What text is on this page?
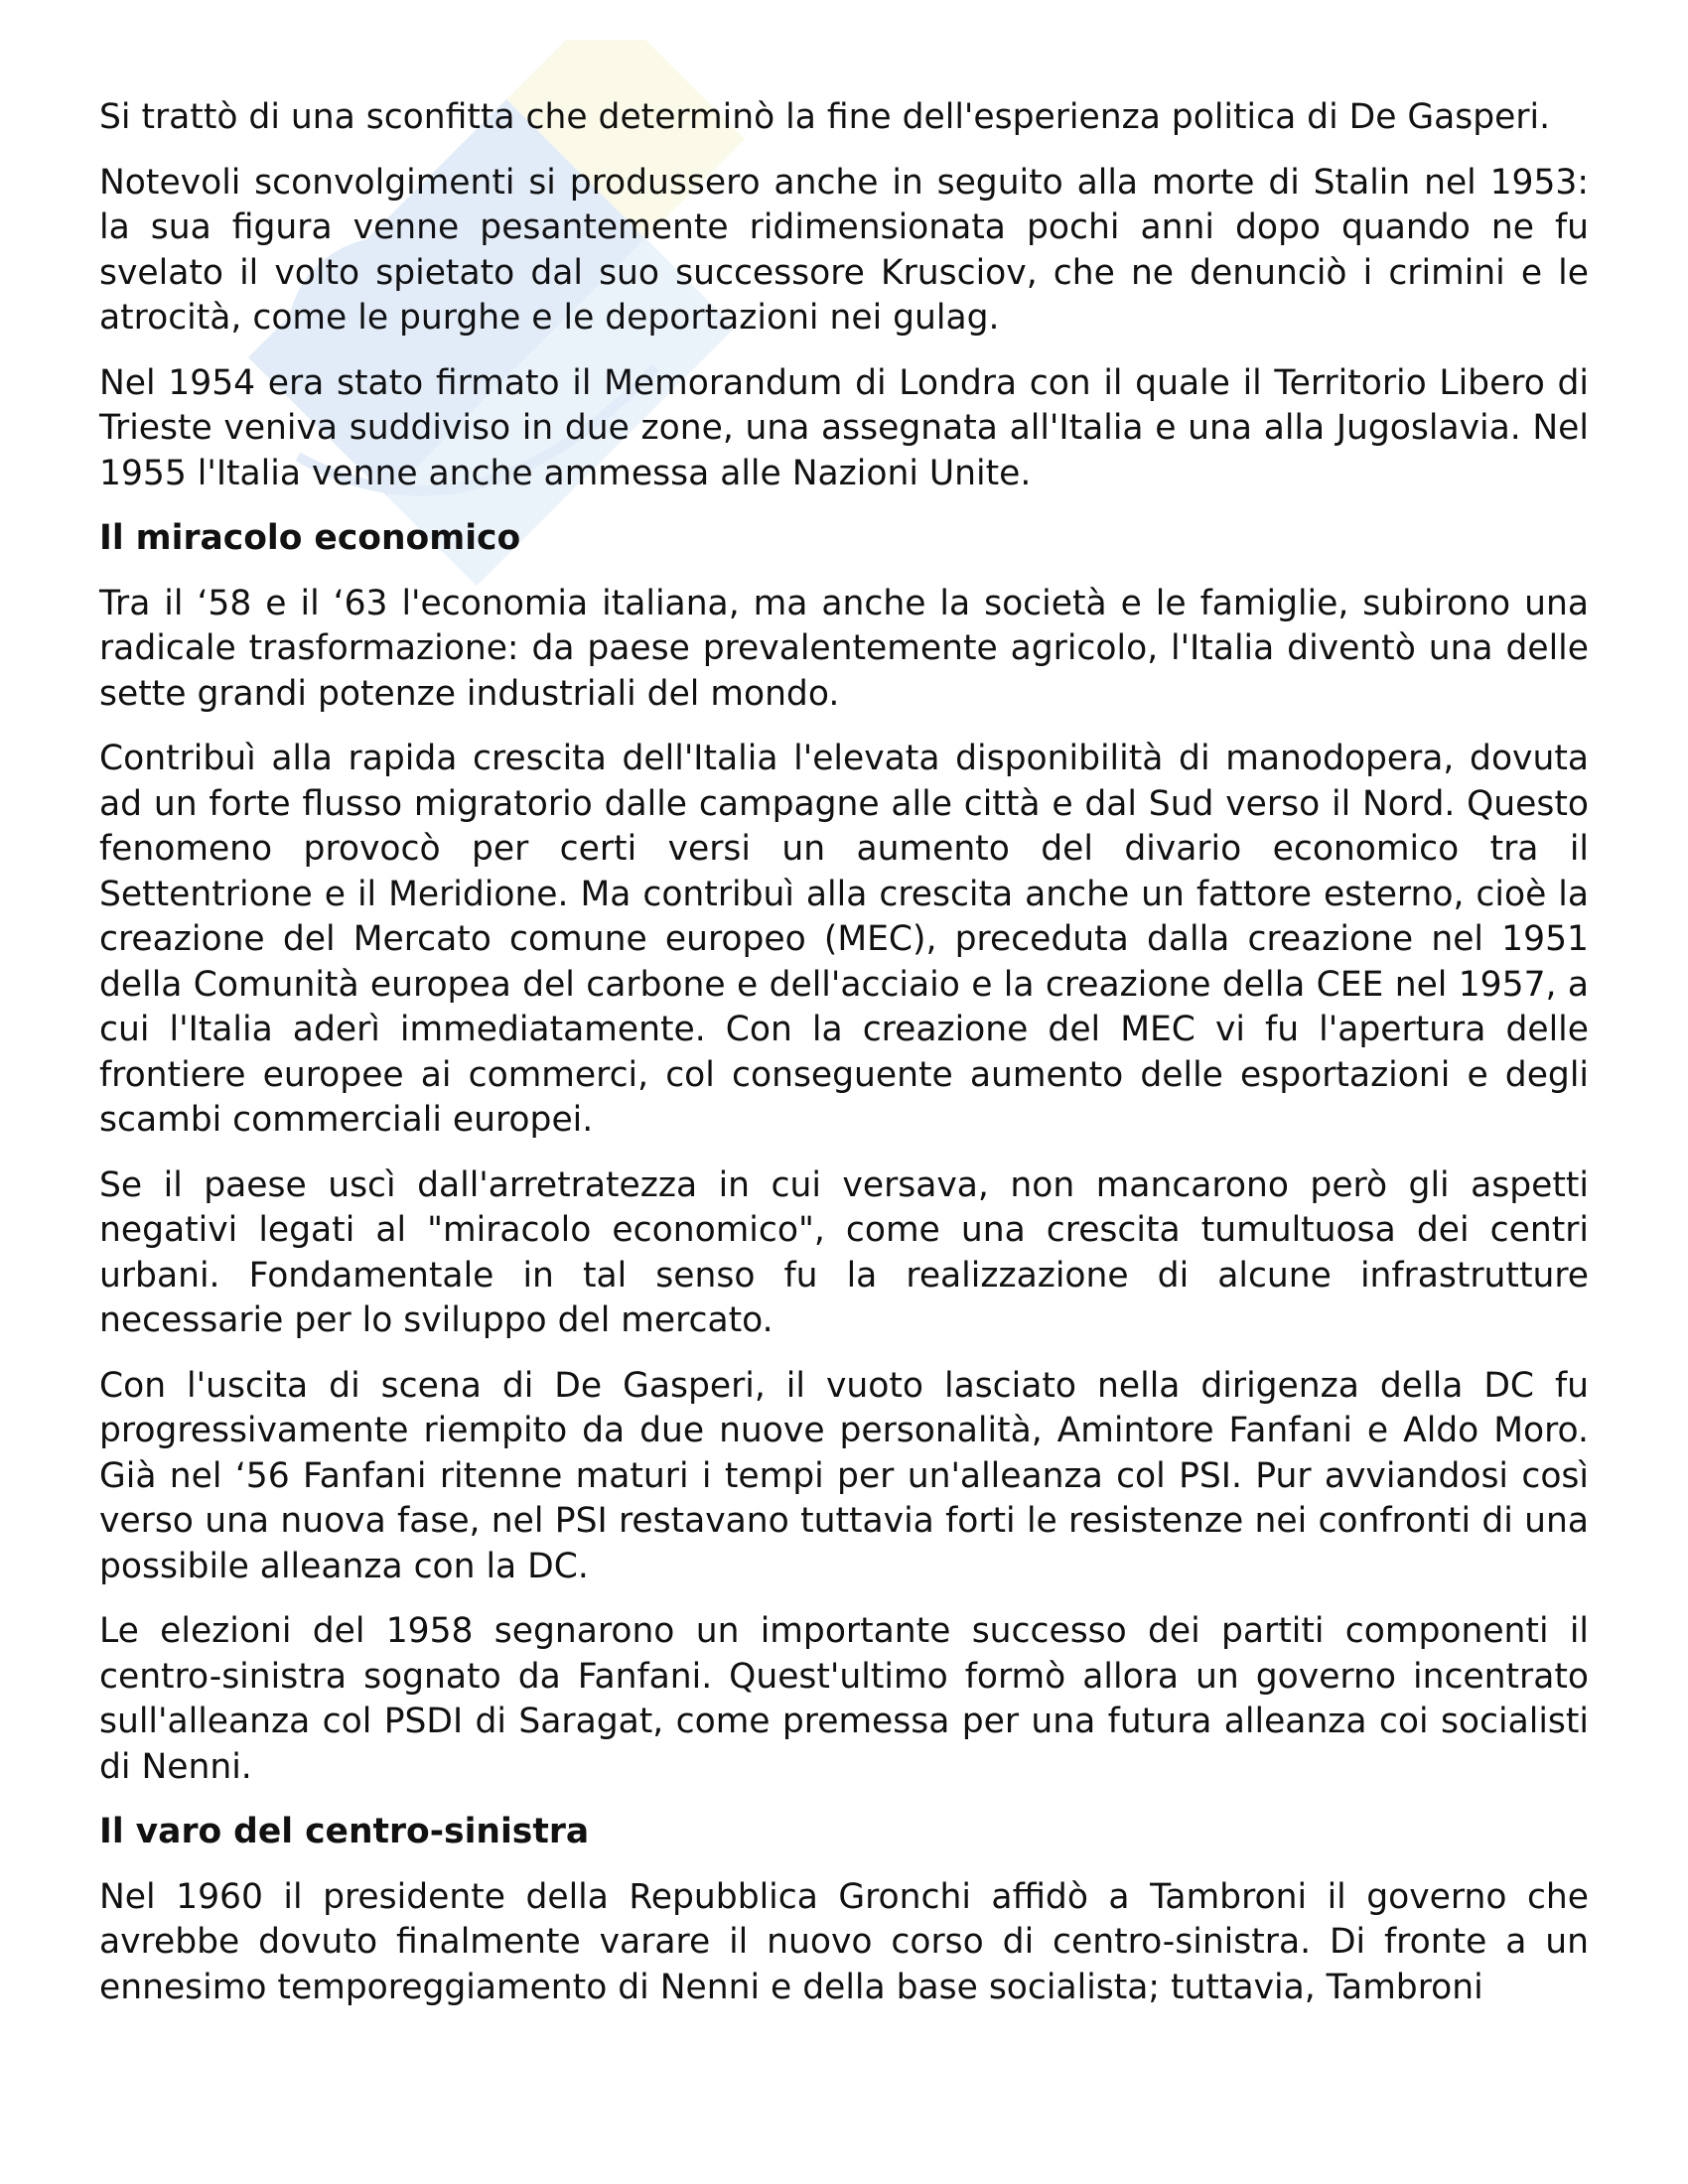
Si trattò di una sconfitta che determinò la fine dell'esperienza politica di De Gasperi.

Notevoli sconvolgimenti si produssero anche in seguito alla morte di Stalin nel 1953: la sua figura venne pesantemente ridimensionata pochi anni dopo quando ne fu svelato il volto spietato dal suo successore Krusciov, che ne denunciò i crimini e le atrocità, come le purghe e le deportazioni nei gulag.

Nel 1954 era stato firmato il Memorandum di Londra con il quale il Territorio Libero di Trieste veniva suddiviso in due zone, una assegnata all'Italia e una alla Jugoslavia. Nel 1955 l'Italia venne anche ammessa alle Nazioni Unite.

Il miracolo economico

Tra il ‘58 e il ‘63 l'economia italiana, ma anche la società e le famiglie, subirono una radicale trasformazione: da paese prevalentemente agricolo, l'Italia diventò una delle sette grandi potenze industriali del mondo.

Contribuì alla rapida crescita dell'Italia l'elevata disponibilità di manodopera, dovuta ad un forte flusso migratorio dalle campagne alle città e dal Sud verso il Nord. Questo fenomeno provocò per certi versi un aumento del divario economico tra il Settentrione e il Meridione. Ma contribuì alla crescita anche un fattore esterno, cioè la creazione del Mercato comune europeo (MEC), preceduta dalla creazione nel 1951 della Comunità europea del carbone e dell'acciaio e la creazione della CEE nel 1957, a cui l'Italia aderì immediatamente. Con la creazione del MEC vi fu l'apertura delle frontiere europee ai commerci, col conseguente aumento delle esportazioni e degli scambi commerciali europei.

Se il paese uscì dall'arretratezza in cui versava, non mancarono però gli aspetti negativi legati al "miracolo economico", come una crescita tumultuosa dei centri urbani. Fondamentale in tal senso fu la realizzazione di alcune infrastrutture necessarie per lo sviluppo del mercato.

Con l'uscita di scena di De Gasperi, il vuoto lasciato nella dirigenza della DC fu progressivamente riempito da due nuove personalità, Amintore Fanfani e Aldo Moro. Già nel ‘56 Fanfani ritenne maturi i tempi per un'alleanza col PSI. Pur avviandosi così verso una nuova fase, nel PSI restavano tuttavia forti le resistenze nei confronti di una possibile alleanza con la DC.

Le elezioni del 1958 segnarono un importante successo dei partiti componenti il centro-sinistra sognato da Fanfani. Quest'ultimo formò allora un governo incentrato sull'alleanza col PSDI di Saragat, come premessa per una futura alleanza coi socialisti di Nenni.

Il varo del centro-sinistra

Nel 1960 il presidente della Repubblica Gronchi affidò a Tambroni il governo che avrebbe dovuto finalmente varare il nuovo corso di centro-sinistra. Di fronte a un ennesimo temporeggiamento di Nenni e della base socialista; tuttavia, Tambroni
